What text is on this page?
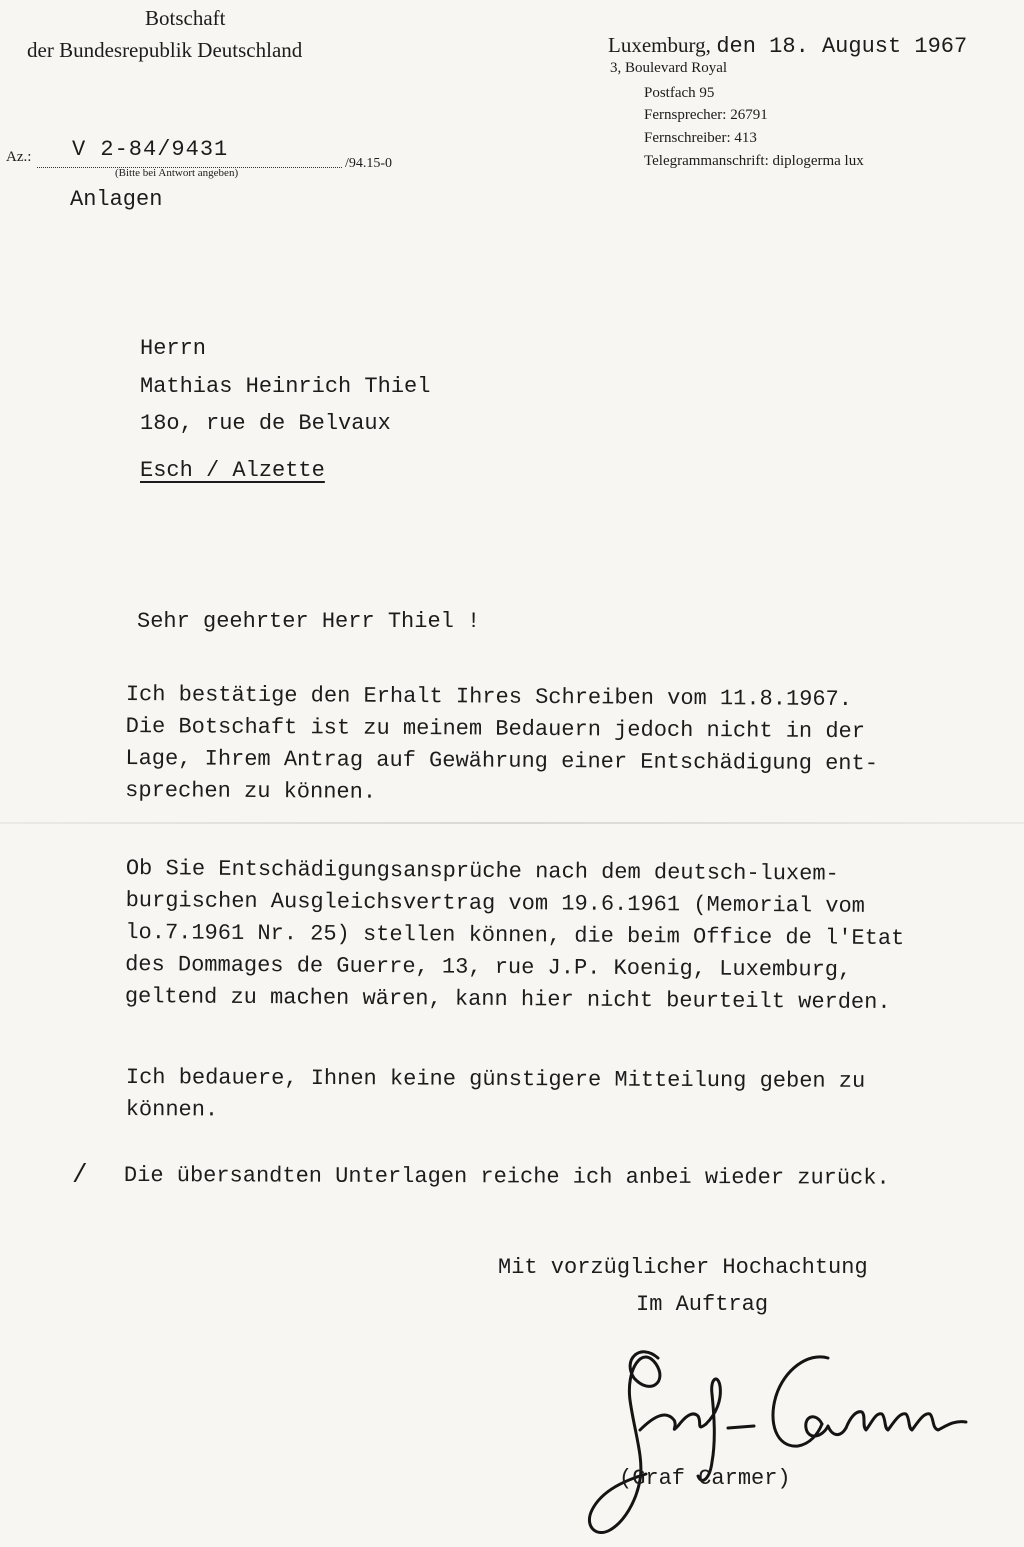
Botschaft
der Bundesrepublik Deutschland	Luxemburg, den 18. August 1967
3, Boulevard Royal
Postfach 95
Fernsprecher: 26791
Fernschreiber: 413
Telegrammanschrift: diplogerma lux
Az.: V 2-84/9431
/94.15-0
(Bitte bei Antwort angeben)
Anlagen
Herrn
Mathias Heinrich Thiel
18o, rue de Belvaux
Esch / Alzette
Sehr geehrter Herr Thiel !
Ich bestätige den Erhalt Ihres Schreiben vom 11.8.1967.
Die Botschaft ist zu meinem Bedauern jedoch nicht in der
Lage, Ihrem Antrag auf Gewährung einer Entschädigung ent-
sprechen zu können.
Ob Sie Entschädigungsansprüche nach dem deutsch-luxem-
burgischen Ausgleichsvertrag vom 19.6.1961 (Memorial vom
lo.7.1961 Nr. 25) stellen können, die beim Office de l'Etat
des Dommages de Guerre, 13, rue J.P. Koenig, Luxemburg,
geltend zu machen wären, kann hier nicht beurteilt werden.
Ich bedauere, Ihnen keine günstigere Mitteilung geben zu
können.
/ Die übersandten Unterlagen reiche ich anbei wieder zurück.
Mit vorzüglicher Hochachtung
Im Auftrag
(Graf Carmer)
